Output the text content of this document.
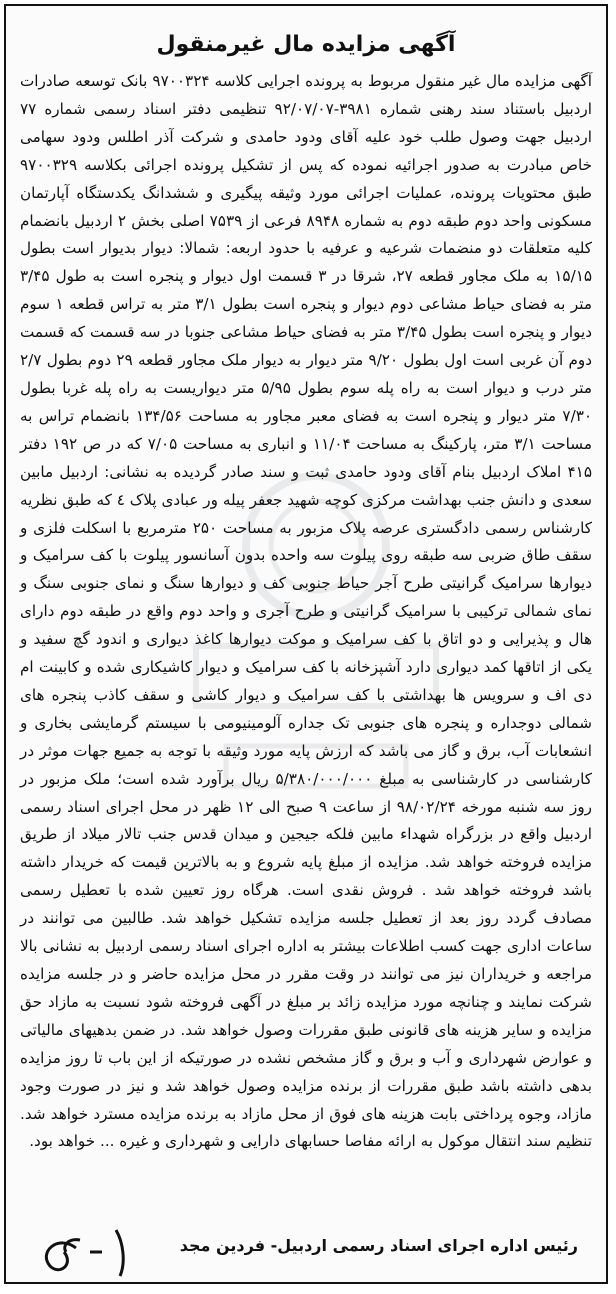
آگهی مزایده مال غیرمنقول

آگهی مزایده مال غیر منقول مربوط به پرونده اجرایی کلاسه ۹۷۰۰۳۲۴ بانک توسعه صادرات اردبیل باستناد سند رهنی شماره ۳۹۸۱-۹۲/۰۷/۰۷ تنظیمی دفتر اسناد رسمی شماره ۷۷ اردبیل جهت وصول طلب خود علیه آقای ودود حامدی و شرکت آذر اطلس ودود سهامی خاص مبادرت به صدور اجرائیه نموده که پس از تشکیل پرونده اجرائی بکلاسه ۹۷۰۰۳۲۹ طبق محتویات پرونده، عملیات اجرائی مورد وثیقه پیگیری و ششدانگ یکدستگاه آپارتمان مسکونی واحد دوم طبقه دوم به شماره ۸۹۴۸ فرعی از ۷۵۳۹ اصلی بخش ۲ اردبیل بانضمام کلیه متعلقات دو منضمات شرعیه و عرفیه با حدود اربعه: شمالا: دیوار بدیوار است بطول ۱۵/۱۵ به ملک مجاور قطعه ۲۷، شرقا در ۳ قسمت اول دیوار و پنجره است به طول ۳/۴۵ متر به فضای حیاط مشاعی دوم دیوار و پنجره است بطول ۳/۱ متر به تراس قطعه ۱ سوم دیوار و پنجره است بطول ۳/۴۵ متر به فضای حیاط مشاعی جنوبا در سه قسمت که قسمت دوم آن غربی است اول بطول ۹/۲۰ متر دیوار به دیوار ملک مجاور قطعه ۲۹ دوم بطول ۲/۷ متر درب و دیوار است به راه پله سوم بطول ۵/۹۵ متر دیواریست به راه پله غربا بطول ۷/۳۰ متر دیوار و پنجره است به فضای معبر مجاور به مساحت ۱۳۴/۵۶ بانضمام تراس به مساحت ۳/۱ متر، پارکینگ به مساحت ۱۱/۰۴ و انباری به مساحت ۷/۰۵ که در ص ۱۹۲ دفتر ۴۱۵ املاک اردبیل بنام آقای ودود حامدی ثبت و سند صادر گردیده به نشانی: اردبیل مابین سعدی و دانش جنب بهداشت مرکزی کوچه شهید جعفر پیله ور عبادی پلاک ٤ که طبق نظریه کارشناس رسمی دادگستری عرصه پلاک مزبور به مساحت ۲۵۰ مترمربع با اسکلت فلزی و سقف طاق ضربی سه طبقه روی پیلوت سه واحده بدون آسانسور پیلوت با کف سرامیک و دیوارها سرامیک گرانیتی طرح آجر حیاط جنوبی کف و دیوارها سنگ و نمای جنوبی سنگ و نمای شمالی ترکیبی با سرامیک گرانیتی و طرح آجری و واحد دوم واقع در طبقه دوم دارای هال و پذیرایی و دو اتاق با کف سرامیک و موکت دیوارها کاغذ دیواری و اندود گچ سفید و یکی از اتاقها کمد دیواری دارد آشپزخانه با کف سرامیک و دیوار کاشیکاری شده و کابینت ام دی اف و سرویس ها بهداشتی با کف سرامیک و دیوار کاشی و سقف کاذب پنجره های شمالی دوجداره و پنجره های جنوبی تک جداره آلومینیومی با سیستم گرمایشی بخاری و انشعابات آب، برق و گاز می باشد که ارزش پایه مورد وثیقه با توجه به جمیع جهات موثر در کارشناسی در کارشناسی به مبلغ ۵/۳۸۰/۰۰۰/۰۰۰ ریال برآورد شده است؛ ملک مزبور در روز سه شنبه مورخه ۹۸/۰۲/۲۴ از ساعت ۹ صبح الی ۱۲ ظهر در محل اجرای اسناد رسمی اردبیل واقع در بزرگراه شهداء مابین فلکه جیجین و میدان قدس جنب تالار میلاد از طریق مزایده فروخته خواهد شد. مزایده از مبلغ پایه شروع و به بالاترین قیمت که خریدار داشته باشد فروخته خواهد شد . فروش نقدی است. هرگاه روز تعیین شده با تعطیل رسمی مصادف گردد روز بعد از تعطیل جلسه مزایده تشکیل خواهد شد. طالبین می توانند در ساعات اداری جهت کسب اطلاعات بیشتر به اداره اجرای اسناد رسمی اردبیل به نشانی بالا مراجعه و خریداران نیز می توانند در وقت مقرر در محل مزایده حاضر و در جلسه مزایده شرکت نمایند و چنانچه مورد مزایده زائد بر مبلغ در آگهی فروخته شود نسبت به مازاد حق مزایده و سایر هزینه های قانونی طبق مقررات وصول خواهد شد. در ضمن بدهیهای مالیاتی و عوارض شهرداری و آب و برق و گاز مشخص نشده در صورتیکه از این باب تا روز مزایده بدهی داشته باشد طبق مقررات از برنده مزایده وصول خواهد شد و نیز در صورت وجود مازاد، وجوه پرداختی بابت هزینه های فوق از محل مازاد به برنده مزایده مسترد خواهد شد. تنظیم سند انتقال موکول به ارائه مفاصا حسابهای دارایی و شهرداری و غیره ... خواهد بود.

رئیس اداره اجرای اسناد رسمی اردبیل- فردین مجد
